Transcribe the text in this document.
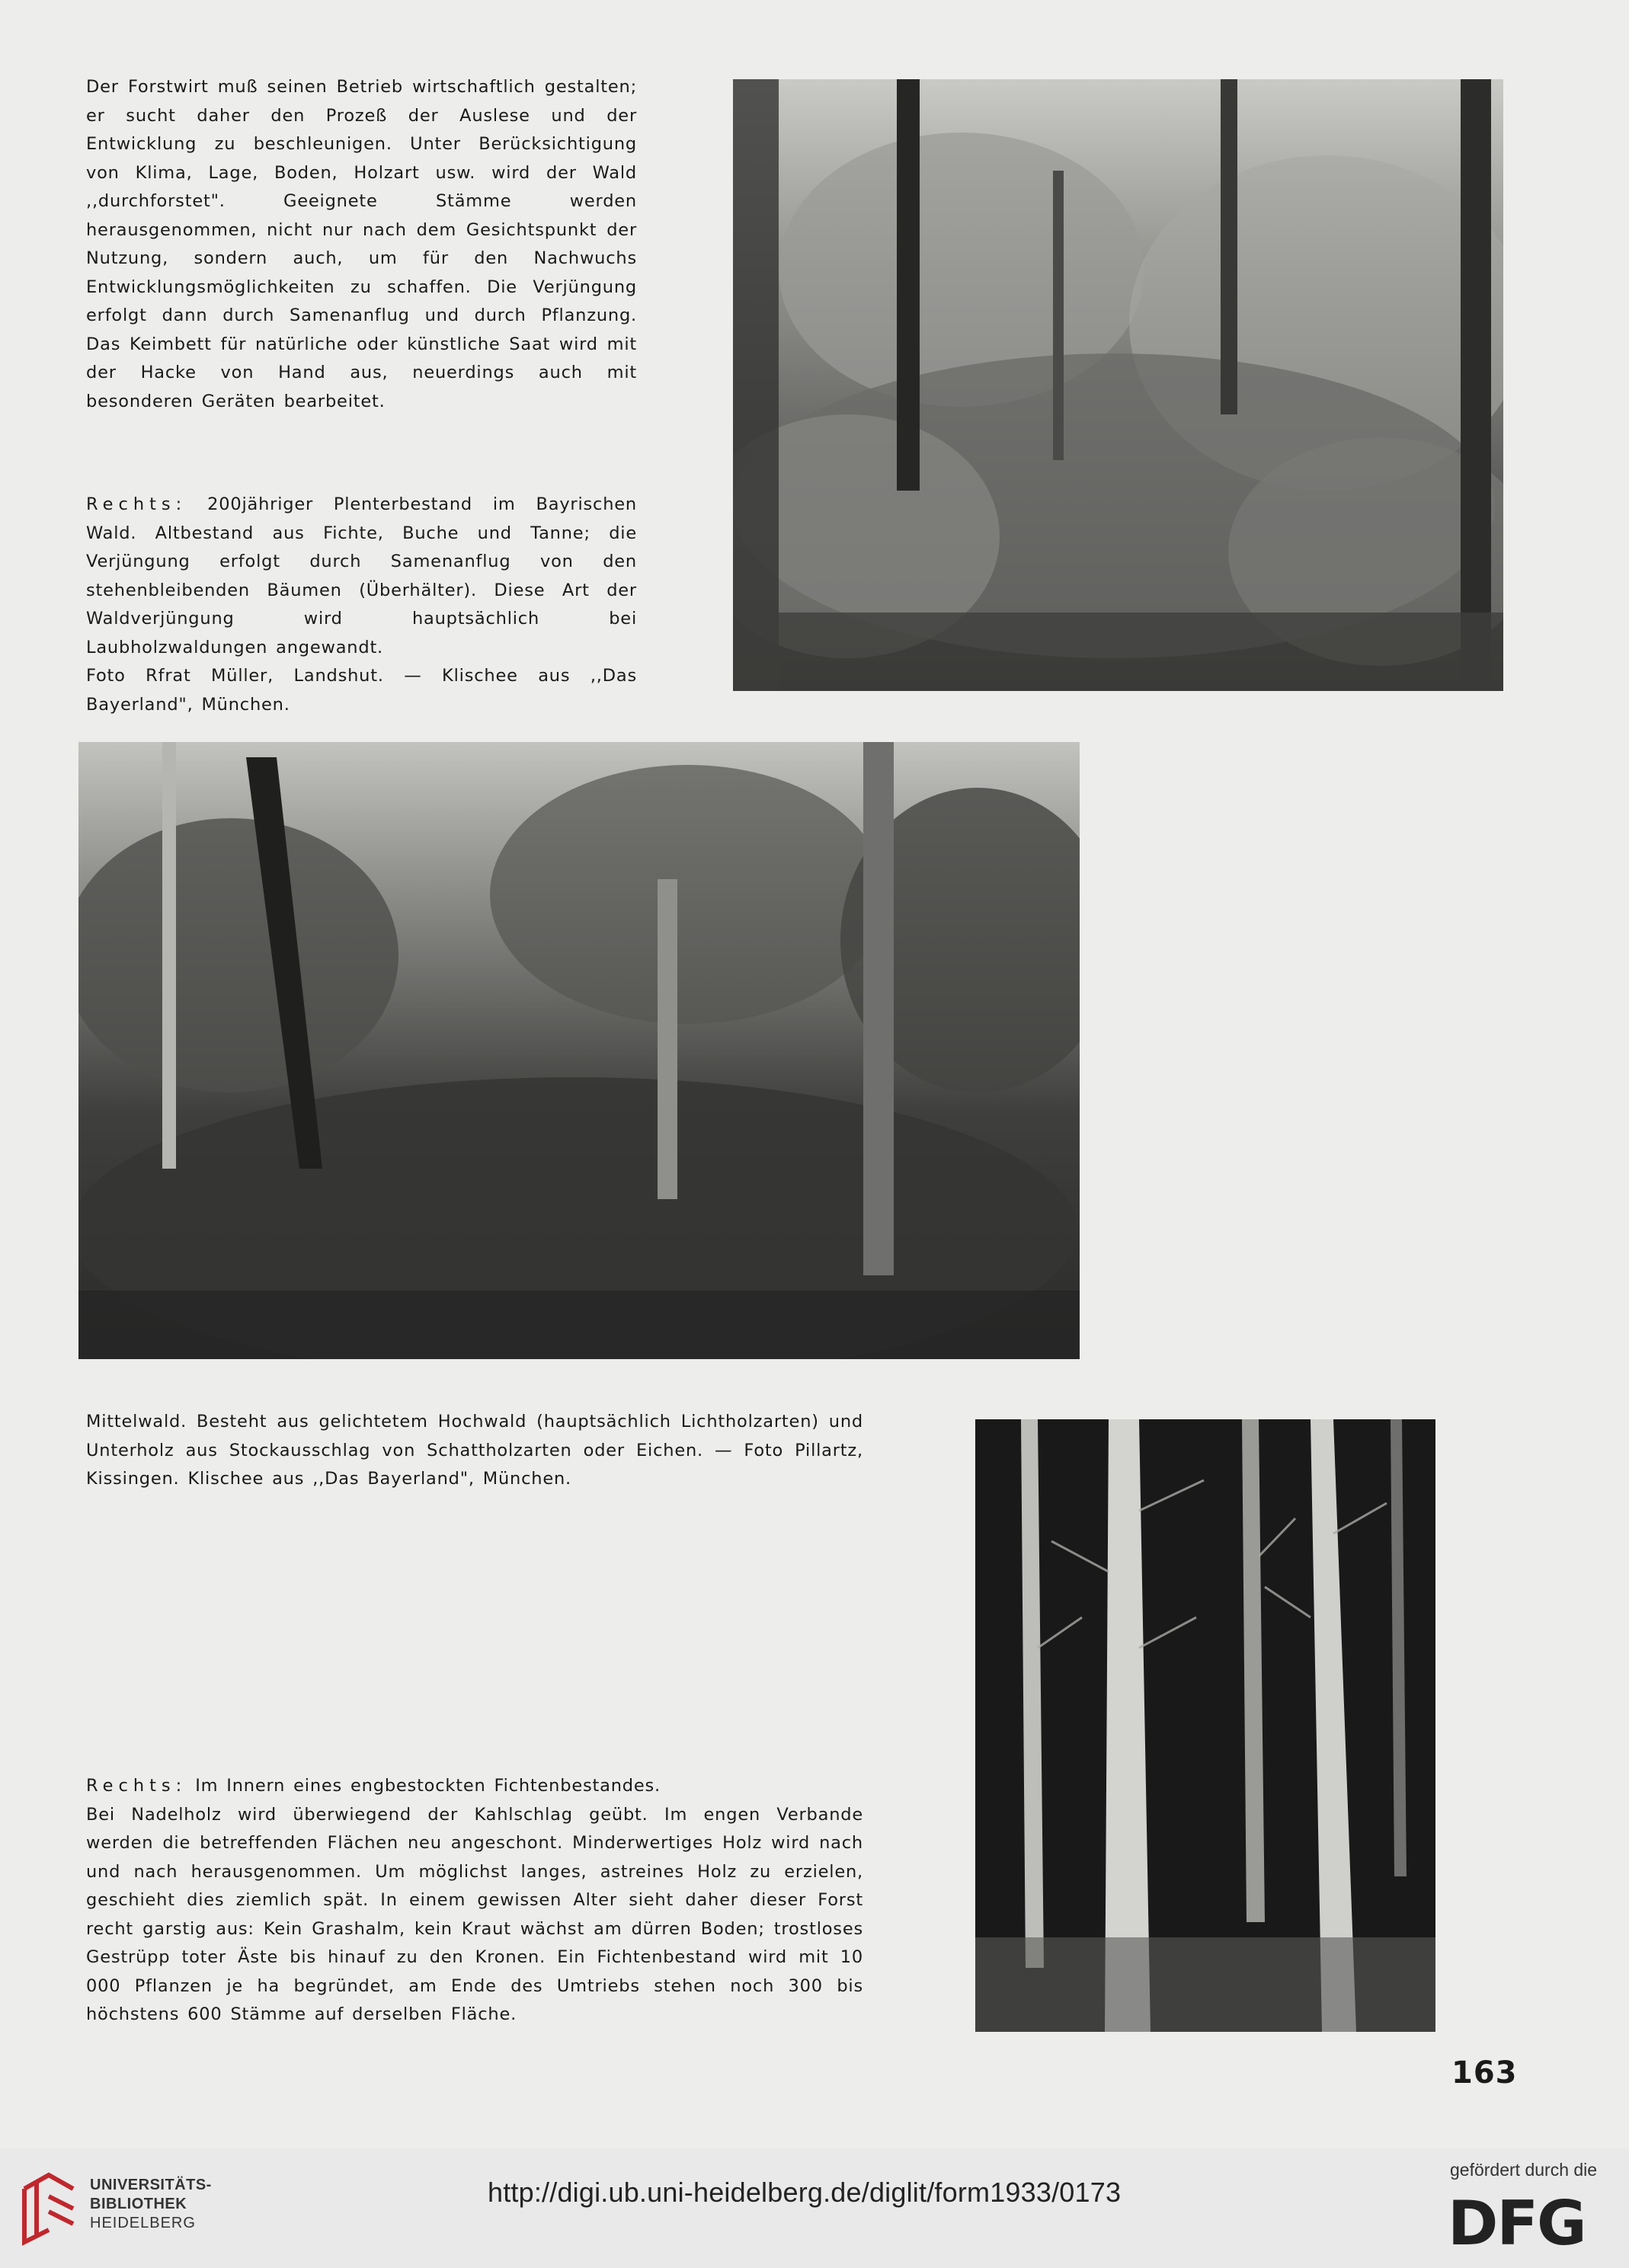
Der Forstwirt muß seinen Betrieb wirtschaftlich gestalten; er sucht daher den Prozeß der Auslese und der Entwicklung zu beschleunigen. Unter Berücksichtigung von Klima, Lage, Boden, Holzart usw. wird der Wald ,,durchforstet". Geeignete Stämme werden herausgenommen, nicht nur nach dem Gesichtspunkt der Nutzung, sondern auch, um für den Nachwuchs Entwicklungsmöglichkeiten zu schaffen. Die Verjüngung erfolgt dann durch Samenanflug und durch Pflanzung. Das Keimbett für natürliche oder künstliche Saat wird mit der Hacke von Hand aus, neuerdings auch mit besonderen Geräten bearbeitet.

Rechts: 200jähriger Plenterbestand im Bayrischen Wald. Altbestand aus Fichte, Buche und Tanne; die Verjüngung erfolgt durch Samenanflug von den stehenbleibenden Bäumen (Überhälter). Diese Art der Waldverjüngung wird hauptsächlich bei Laubholzwaldungen angewandt.

Foto Rfrat Müller, Landshut. — Klischee aus ,,Das Bayerland", München.

Mittelwald. Besteht aus gelichtetem Hochwald (hauptsächlich Lichtholzarten) und Unterholz aus Stockausschlag von Schattholzarten oder Eichen. — Foto Pillartz, Kissingen. Klischee aus ,,Das Bayerland", München.

Rechts: Im Innern eines engbestockten Fichtenbestandes.

Bei Nadelholz wird überwiegend der Kahlschlag geübt. Im engen Verbande werden die betreffenden Flächen neu angeschont. Minderwertiges Holz wird nach und nach herausgenommen. Um möglichst langes, astreines Holz zu erzielen, geschieht dies ziemlich spät. In einem gewissen Alter sieht daher dieser Forst recht garstig aus: Kein Grashalm, kein Kraut wächst am dürren Boden; trostloses Gestrüpp toter Äste bis hinauf zu den Kronen. Ein Fichtenbestand wird mit 10 000 Pflanzen je ha begründet, am Ende des Umtriebs stehen noch 300 bis höchstens 600 Stämme auf derselben Fläche.

163
UNIVERSITÄTS-
BIBLIOTHEK
HEIDELBERG
http://digi.ub.uni-heidelberg.de/diglit/form1933/0173
gefördert durch die
DFG
